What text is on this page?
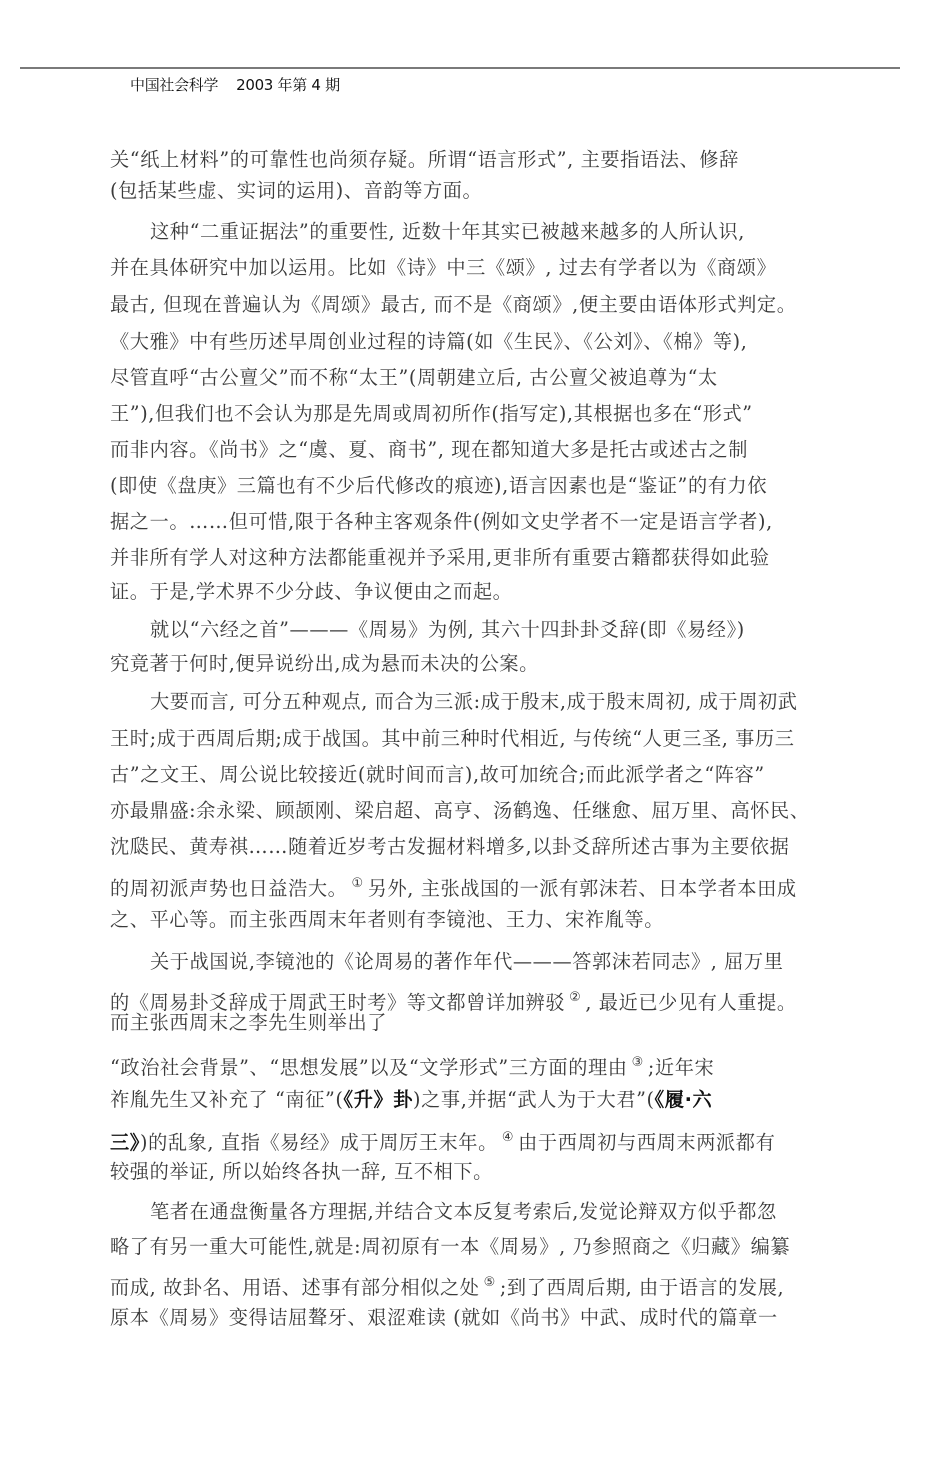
中国社会科学 2003 年第 4 期
关“纸上材料”的可靠性也尚须存疑。所谓“语言形式”, 主要指语法、修辞
(包括某些虚、实词的运用)、音韵等方面。
这种“二重证据法”的重要性, 近数十年其实已被越来越多的人所认识,
并在具体研究中加以运用。比如《诗》中三《颂》, 过去有学者以为《商颂》
最古, 但现在普遍认为《周颂》最古, 而不是《商颂》,便主要由语体形式判定。
《大雅》中有些历述早周创业过程的诗篇(如《生民》、《公刘》、《棉》等),
尽管直呼“古公亶父”而不称“太王”(周朝建立后, 古公亶父被追尊为“太
王”),但我们也不会认为那是先周或周初所作(指写定),其根据也多在“形式”
而非内容。《尚书》之“虞、夏、商书”, 现在都知道大多是托古或述古之制
(即使《盘庚》三篇也有不少后代修改的痕迹),语言因素也是“鉴证”的有力依
据之一。……但可惜,限于各种主客观条件(例如文史学者不一定是语言学者),
并非所有学人对这种方法都能重视并予采用,更非所有重要古籍都获得如此验
证。于是,学术界不少分歧、争议便由之而起。
就以“六经之首”———《周易》为例, 其六十四卦卦爻辞(即《易经》)
究竟著于何时,便异说纷出,成为悬而未决的公案。
大要而言, 可分五种观点, 而合为三派:成于殷末,成于殷末周初, 成于周初武
王时;成于西周后期;成于战国。其中前三种时代相近, 与传统“人更三圣, 事历三
古”之文王、周公说比较接近(就时间而言),故可加统合;而此派学者之“阵容”
亦最鼎盛:余永梁、顾颉刚、梁启超、高亨、汤鹤逸、任继愈、屈万里、高怀民、
沈瓞民、黄寿祺……随着近岁考古发掘材料增多,以卦爻辞所述古事为主要依据
的周初派声势也日益浩大。 ① 另外, 主张战国的一派有郭沫若、日本学者本田成
之、平心等。而主张西周末年者则有李镜池、王力、宋祚胤等。
关于战国说,李镜池的《论周易的著作年代———答郭沫若同志》, 屈万里
的《周易卦爻辞成于周武王时考》等文都曾详加辨驳 ② , 最近已少见有人重提。
而主张西周末之李先生则举出了
“政治社会背景”、“思想发展”以及“文学形式”三方面的理由 ③ ;近年宋
祚胤先生又补充了 “南征”(《升》卦)之事,并据“武人为于大君”(《履·六
三》)的乱象, 直指《易经》成于周厉王末年。 ④ 由于西周初与西周末两派都有
较强的举证, 所以始终各执一辞, 互不相下。
笔者在通盘衡量各方理据,并结合文本反复考索后,发觉论辩双方似乎都忽
略了有另一重大可能性,就是:周初原有一本《周易》, 乃参照商之《归藏》编纂
而成, 故卦名、用语、述事有部分相似之处 ⑤ ;到了西周后期, 由于语言的发展,
原本《周易》变得诘屈聱牙、艰涩难读 (就如《尚书》中武、成时代的篇章一
